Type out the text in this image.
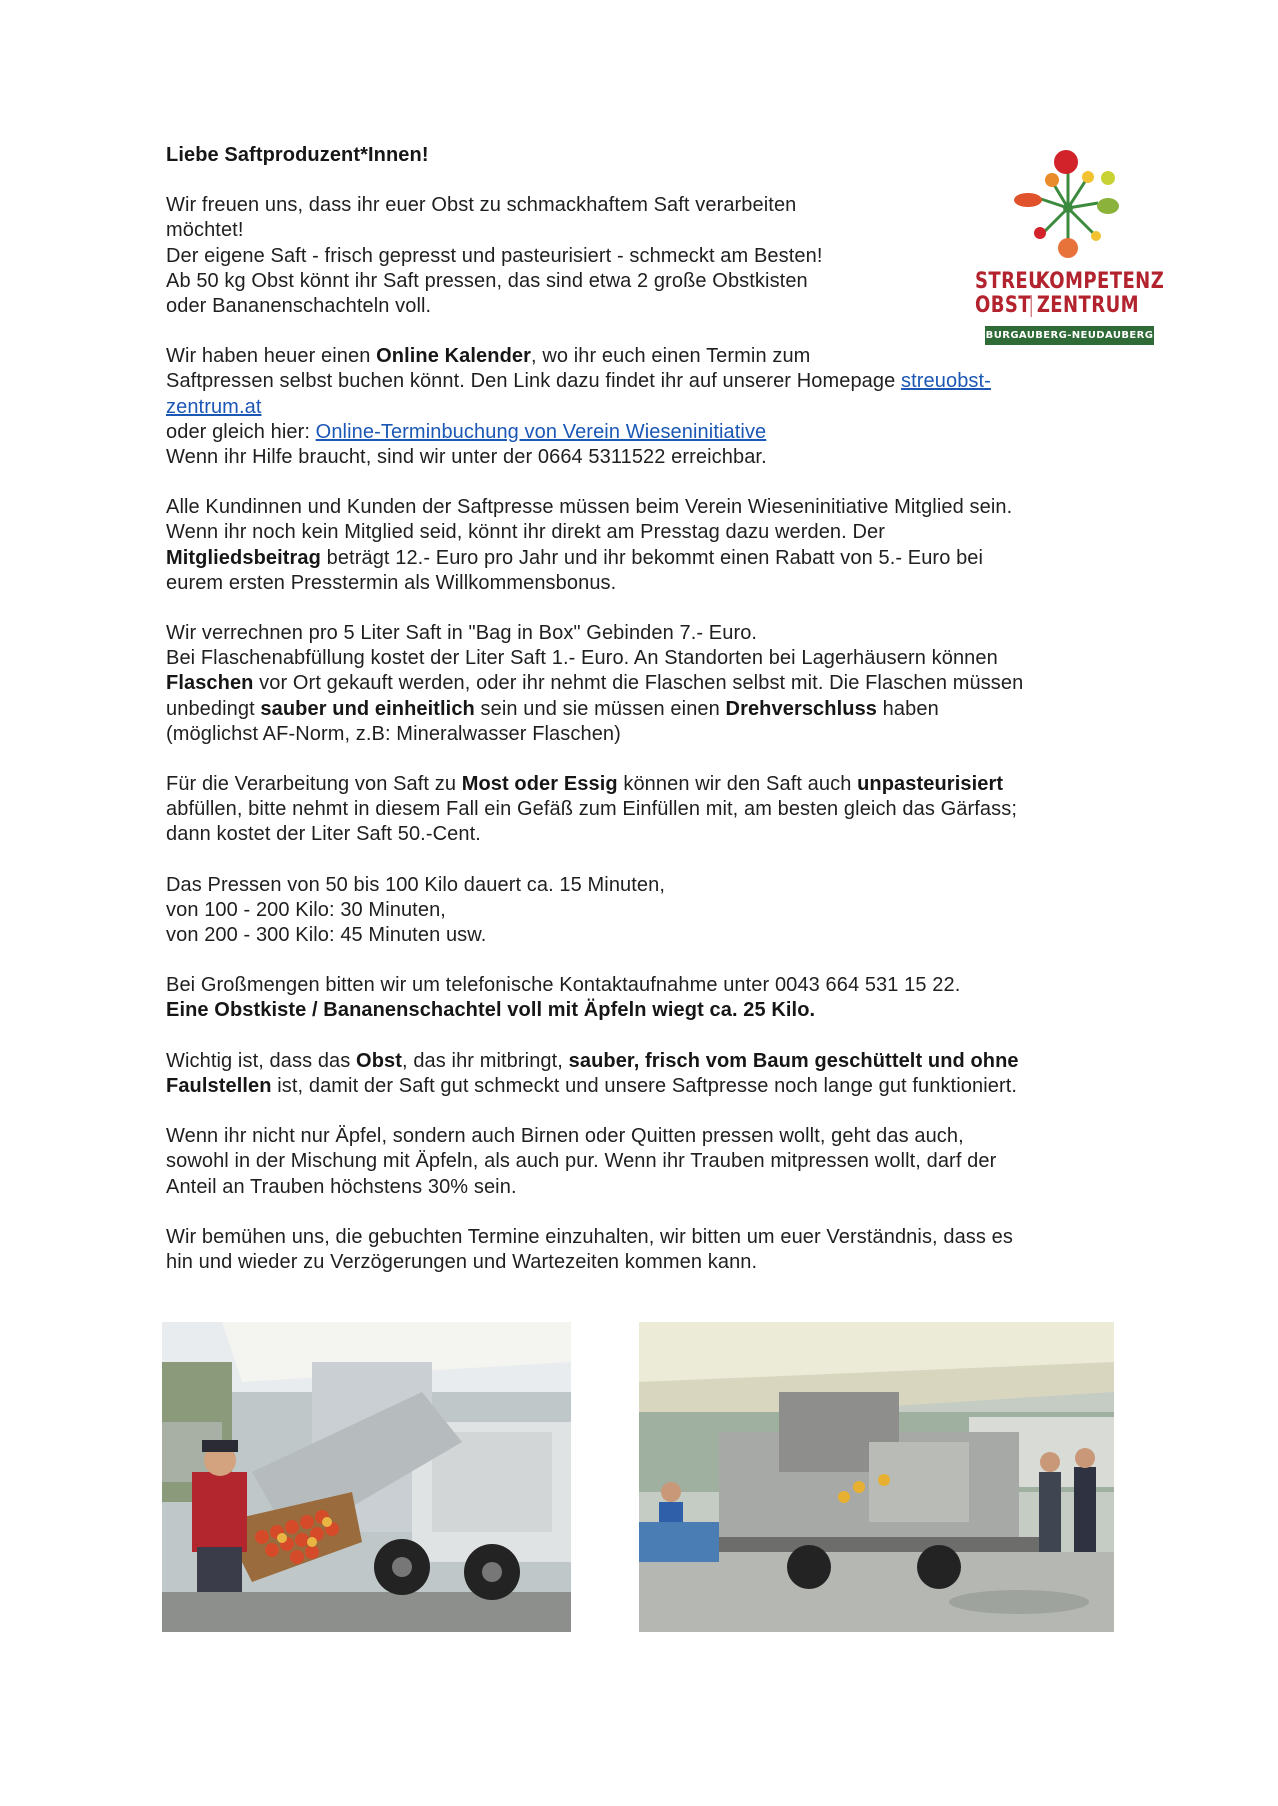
STREU
KOMPETENZ
OBST ZENTRUM
BURGAUBERG-NEUDAUBERG

Liebe Saftproduzent*Innen!

Wir freuen uns, dass ihr euer Obst zu schmackhaftem Saft verarbeiten
möchtet!
Der eigene Saft - frisch gepresst und pasteurisiert - schmeckt am Besten!
Ab 50 kg Obst könnt ihr Saft pressen, das sind etwa 2 große Obstkisten
oder Bananenschachteln voll.

Wir haben heuer einen Online Kalender, wo ihr euch einen Termin zum
Saftpressen selbst buchen könnt. Den Link dazu findet ihr auf unserer Homepage streuobst-
zentrum.at
oder gleich hier: Online-Terminbuchung von Verein Wieseninitiative
Wenn ihr Hilfe braucht, sind wir unter der 0664 5311522 erreichbar.

Alle Kundinnen und Kunden der Saftpresse müssen beim Verein Wieseninitiative Mitglied sein.
Wenn ihr noch kein Mitglied seid, könnt ihr direkt am Presstag dazu werden. Der
Mitgliedsbeitrag beträgt 12.- Euro pro Jahr und ihr bekommt einen Rabatt von 5.- Euro bei
eurem ersten Presstermin als Willkommensbonus.

Wir verrechnen pro 5 Liter Saft in "Bag in Box" Gebinden 7.- Euro.
Bei Flaschenabfüllung kostet der Liter Saft 1.- Euro. An Standorten bei Lagerhäusern können
Flaschen vor Ort gekauft werden, oder ihr nehmt die Flaschen selbst mit. Die Flaschen müssen
unbedingt sauber und einheitlich sein und sie müssen einen Drehverschluss haben
(möglichst AF-Norm, z.B: Mineralwasser Flaschen)

Für die Verarbeitung von Saft zu Most oder Essig können wir den Saft auch unpasteurisiert
abfüllen, bitte nehmt in diesem Fall ein Gefäß zum Einfüllen mit, am besten gleich das Gärfass;
dann kostet der Liter Saft 50.-Cent.

Das Pressen von 50 bis 100 Kilo dauert ca. 15 Minuten,
von 100 - 200 Kilo: 30 Minuten,
von 200 - 300 Kilo: 45 Minuten usw.

Bei Großmengen bitten wir um telefonische Kontaktaufnahme unter 0043 664 531 15 22.
Eine Obstkiste / Bananenschachtel voll mit Äpfeln wiegt ca. 25 Kilo.

Wichtig ist, dass das Obst, das ihr mitbringt, sauber, frisch vom Baum geschüttelt und ohne
Faulstellen ist, damit der Saft gut schmeckt und unsere Saftpresse noch lange gut funktioniert.

Wenn ihr nicht nur Äpfel, sondern auch Birnen oder Quitten pressen wollt, geht das auch,
sowohl in der Mischung mit Äpfeln, als auch pur. Wenn ihr Trauben mitpressen wollt, darf der
Anteil an Trauben höchstens 30% sein.

Wir bemühen uns, die gebuchten Termine einzuhalten, wir bitten um euer Verständnis, dass es
hin und wieder zu Verzögerungen und Wartezeiten kommen kann.
